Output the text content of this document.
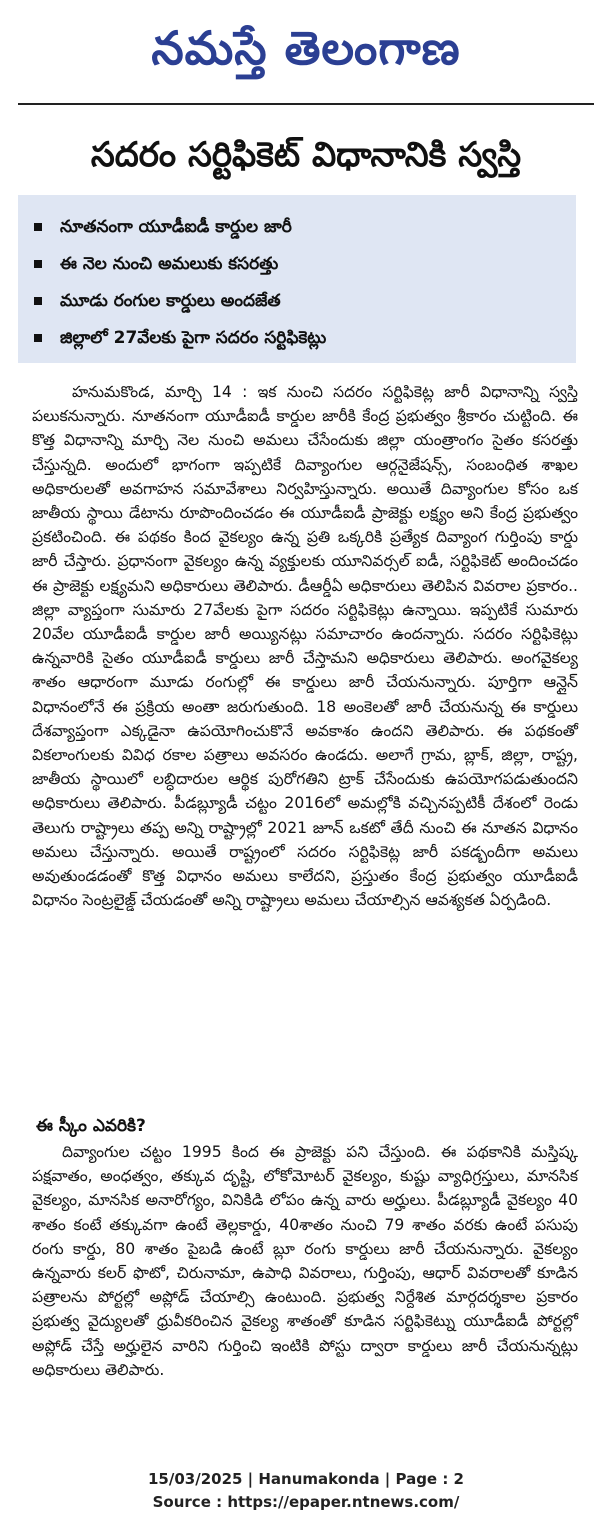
నమస్తే తెలంగాణ
సదరం సర్టిఫికెట్ విధానానికి స్వస్తి
నూతనంగా యూడీఐడీ కార్డుల జారీ
ఈ నెల నుంచి అమలుకు కసరత్తు
మూడు రంగుల కార్డులు అందజేత
జిల్లాలో 27వేలకు పైగా సదరం సర్టిఫికెట్లు
హనుమకొండ, మార్చి 14 : ఇక నుంచి సదరం సర్టిఫికెట్ల జారీ విధానాన్ని స్వస్తి పలుకనున్నారు. నూతనంగా యూడీఐడీ కార్డుల జారీకి కేంద్ర ప్రభుత్వం శ్రీకారం చుట్టింది. ఈ కొత్త విధానాన్ని మార్చి నెల నుంచి అమలు చేసేందుకు జిల్లా యంత్రాంగం సైతం కసరత్తు చేస్తున్నది. అందులో భాగంగా ఇప్పటికే దివ్యాంగుల ఆర్గనైజేషన్స్, సంబంధిత శాఖల అధికారులతో అవగాహన సమావేశాలు నిర్వహిస్తున్నారు. అయితే దివ్యాంగుల కోసం ఒక జాతీయ స్థాయి డేటాను రూపొందించడం ఈ యూడీఐడీ ప్రాజెక్టు లక్ష్యం అని కేంద్ర ప్రభుత్వం ప్రకటించింది. ఈ పథకం కింద వైకల్యం ఉన్న ప్రతి ఒక్కరికి ప్రత్యేక దివ్యాంగ గుర్తింపు కార్డు జారీ చేస్తారు. ప్రధానంగా వైకల్యం ఉన్న వ్యక్తులకు యూనివర్సల్ ఐడీ, సర్టిఫికెట్ అందించడం ఈ ప్రాజెక్టు లక్ష్యమని అధికారులు తెలిపారు. డీఆర్డీఏ అధికారులు తెలిపిన వివరాల ప్రకారం.. జిల్లా వ్యాప్తంగా సుమారు 27వేలకు పైగా సదరం సర్టిఫికెట్లు ఉన్నాయి. ఇప్పటికే సుమారు 20వేల యూడీఐడీ కార్డుల జారీ అయ్యినట్లు సమాచారం ఉందన్నారు. సదరం సర్టిఫికెట్లు ఉన్నవారికి సైతం యూడీఐడీ కార్డులు జారీ చేస్తామని అధికారులు తెలిపారు. అంగవైకల్య శాతం ఆధారంగా మూడు రంగుల్లో ఈ కార్డులు జారీ చేయనున్నారు. పూర్తిగా ఆన్లైన్ విధానంలోనే ఈ ప్రక్రియ అంతా జరుగుతుంది. 18 అంకెలతో జారీ చేయనున్న ఈ కార్డులు దేశవ్యాప్తంగా ఎక్కడైనా ఉపయోగించుకొనే అవకాశం ఉందని తెలిపారు. ఈ పథకంతో వికలాంగులకు వివిధ రకాల పత్రాలు అవసరం ఉండదు. అలాగే గ్రామ, బ్లాక్, జిల్లా, రాష్ట్ర, జాతీయ స్థాయిలో లబ్ధిదారుల ఆర్థిక పురోగతిని ట్రాక్ చేసేందుకు ఉపయోగపడుతుందని అధికారులు తెలిపారు. పీడబ్ల్యూడీ చట్టం 2016లో అమల్లోకి వచ్చినప్పటికీ దేశంలో రెండు తెలుగు రాష్ట్రాలు తప్ప అన్ని రాష్ట్రాల్లో 2021 జూన్ ఒకటో తేదీ నుంచి ఈ నూతన విధానం అమలు చేస్తున్నారు. అయితే రాష్ట్రంలో సదరం సర్టిఫికెట్ల జారీ పకడ్బందీగా అమలు అవుతుండడంతో కొత్త విధానం అమలు కాలేదని, ప్రస్తుతం కేంద్ర ప్రభుత్వం యూడీఐడీ విధానం సెంట్రలైజ్డ్ చేయడంతో అన్ని రాష్ట్రాలు అమలు చేయాల్సిన ఆవశ్యకత ఏర్పడింది.
ఈ స్కీం ఎవరికి?
దివ్యాంగుల చట్టం 1995 కింద ఈ ప్రాజెక్టు పని చేస్తుంది. ఈ పథకానికి మస్తిష్క పక్షవాతం, అంధత్వం, తక్కువ దృష్టి, లోకోమోటర్ వైకల్యం, కుష్టు వ్యాధిగ్రస్తులు, మానసిక వైకల్యం, మానసిక అనారోగ్యం, వినికిడి లోపం ఉన్న వారు అర్హులు. పీడబ్ల్యూడీ వైకల్యం 40 శాతం కంటే తక్కువగా ఉంటే తెల్లకార్డు, 40శాతం నుంచి 79 శాతం వరకు ఉంటే పసుపు రంగు కార్డు, 80 శాతం పైబడి ఉంటే బ్లూ రంగు కార్డులు జారీ చేయనున్నారు. వైకల్యం ఉన్నవారు కలర్ ఫొటో, చిరునామా, ఉపాధి వివరాలు, గుర్తింపు, ఆధార్ వివరాలతో కూడిన పత్రాలను పోర్టల్లో అప్లోడ్ చేయాల్సి ఉంటుంది. ప్రభుత్వ నిర్దేశిత మార్గదర్శకాల ప్రకారం ప్రభుత్వ వైద్యులతో ధ్రువీకరించిన వైకల్య శాతంతో కూడిన సర్టిఫికెట్ను యూడీఐడీ పోర్టల్లో అప్లోడ్ చేస్తే అర్హులైన వారిని గుర్తించి ఇంటికి పోస్టు ద్వారా కార్డులు జారీ చేయనున్నట్లు అధికారులు తెలిపారు.
15/03/2025 | Hanumakonda | Page : 2
Source : https://epaper.ntnews.com/
